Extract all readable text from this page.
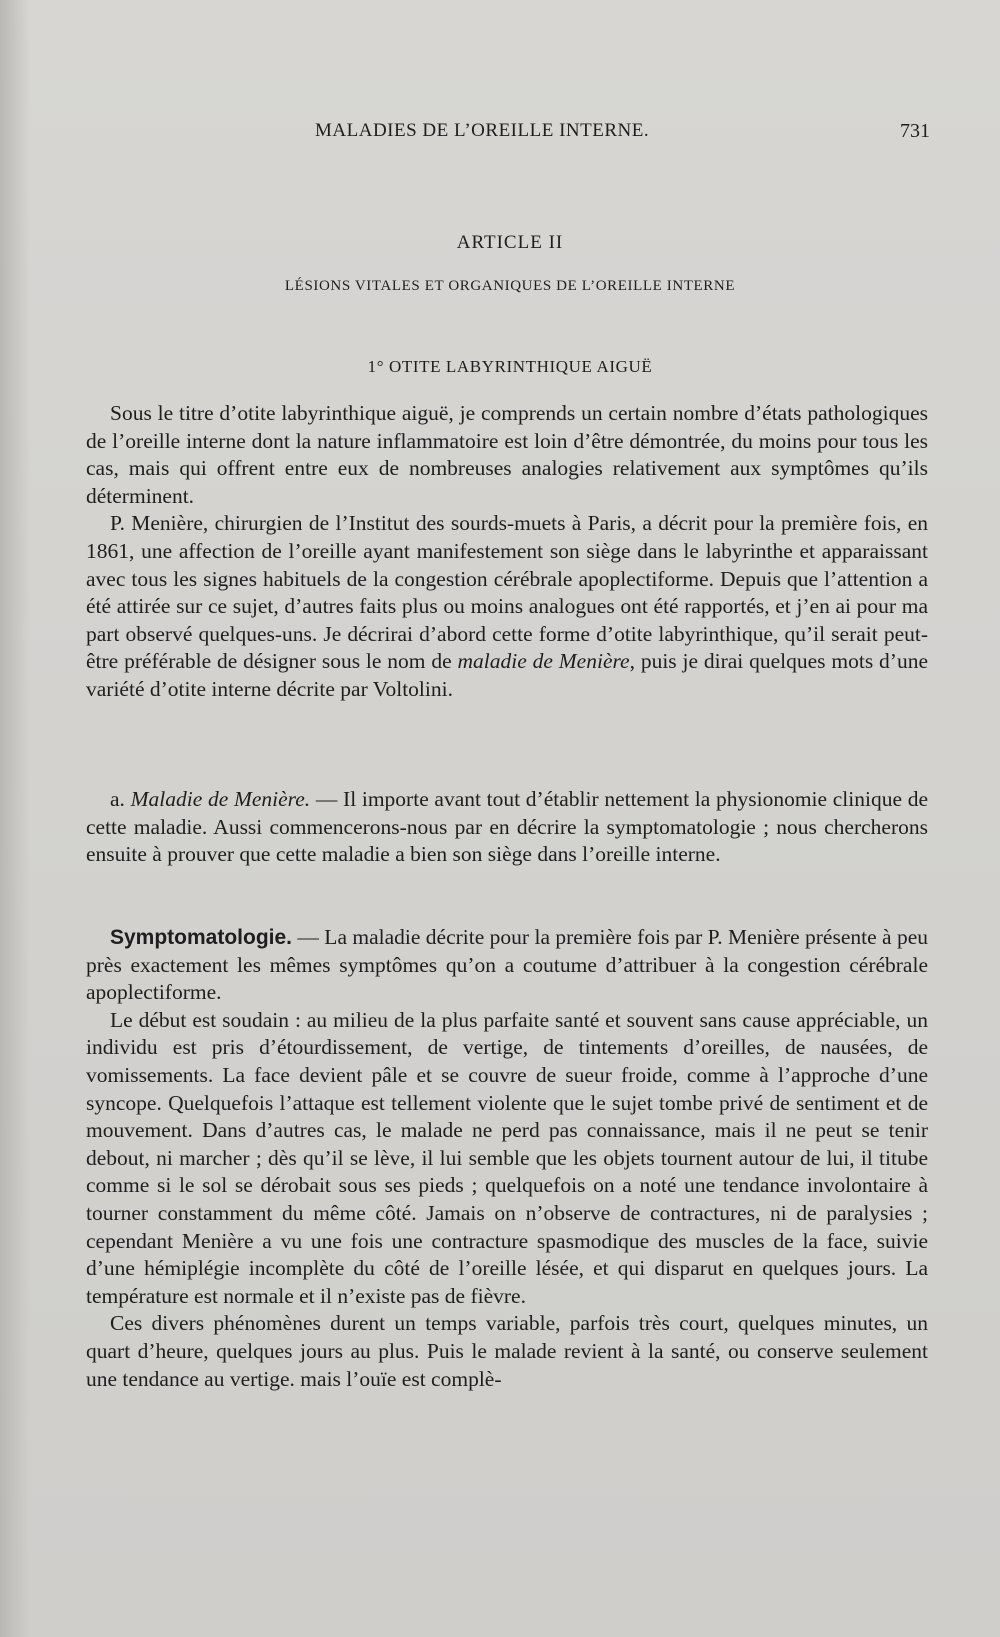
MALADIES DE L’OREILLE INTERNE.	731
ARTICLE II
LÉSIONS VITALES ET ORGANIQUES DE L’OREILLE INTERNE
1° OTITE LABYRINTHIQUE AIGUË

Sous le titre d’otite labyrinthique aiguë, je comprends un certain nombre d’états pathologiques de l’oreille interne dont la nature inflammatoire est loin d’être démontrée, du moins pour tous les cas, mais qui offrent entre eux de nombreuses analogies relativement aux symptômes qu’ils déterminent.

P. Menière, chirurgien de l’Institut des sourds-muets à Paris, a décrit pour la première fois, en 1861, une affection de l’oreille ayant manifestement son siège dans le labyrinthe et apparaissant avec tous les signes habituels de la congestion cérébrale apoplectiforme. Depuis que l’attention a été attirée sur ce sujet, d’autres faits plus ou moins analogues ont été rapportés, et j’en ai pour ma part observé quelques-uns. Je décrirai d’abord cette forme d’otite labyrinthique, qu’il serait peut-être préférable de désigner sous le nom de maladie de Menière, puis je dirai quelques mots d’une variété d’otite interne décrite par Voltolini.

a. Maladie de Menière. — Il importe avant tout d’établir nettement la physionomie clinique de cette maladie. Aussi commencerons-nous par en décrire la symptomatologie ; nous chercherons ensuite à prouver que cette maladie a bien son siège dans l’oreille interne.

Symptomatologie. — La maladie décrite pour la première fois par P. Menière présente à peu près exactement les mêmes symptômes qu’on a coutume d’attribuer à la congestion cérébrale apoplectiforme.

Le début est soudain : au milieu de la plus parfaite santé et souvent sans cause appréciable, un individu est pris d’étourdissement, de vertige, de tintements d’oreilles, de nausées, de vomissements. La face devient pâle et se couvre de sueur froide, comme à l’approche d’une syncope. Quelquefois l’attaque est tellement violente que le sujet tombe privé de sentiment et de mouvement. Dans d’autres cas, le malade ne perd pas connaissance, mais il ne peut se tenir debout, ni marcher ; dès qu’il se lève, il lui semble que les objets tournent autour de lui, il titube comme si le sol se dérobait sous ses pieds ; quelquefois on a noté une tendance involontaire à tourner constamment du même côté. Jamais on n’observe de contractures, ni de paralysies ; cependant Menière a vu une fois une contracture spasmodique des muscles de la face, suivie d’une hémiplégie incomplète du côté de l’oreille lésée, et qui disparut en quelques jours. La température est normale et il n’existe pas de fièvre.

Ces divers phénomènes durent un temps variable, parfois très court, quelques minutes, un quart d’heure, quelques jours au plus. Puis le malade revient à la santé, ou conserve seulement une tendance au vertige. mais l’ouïe est complè-
